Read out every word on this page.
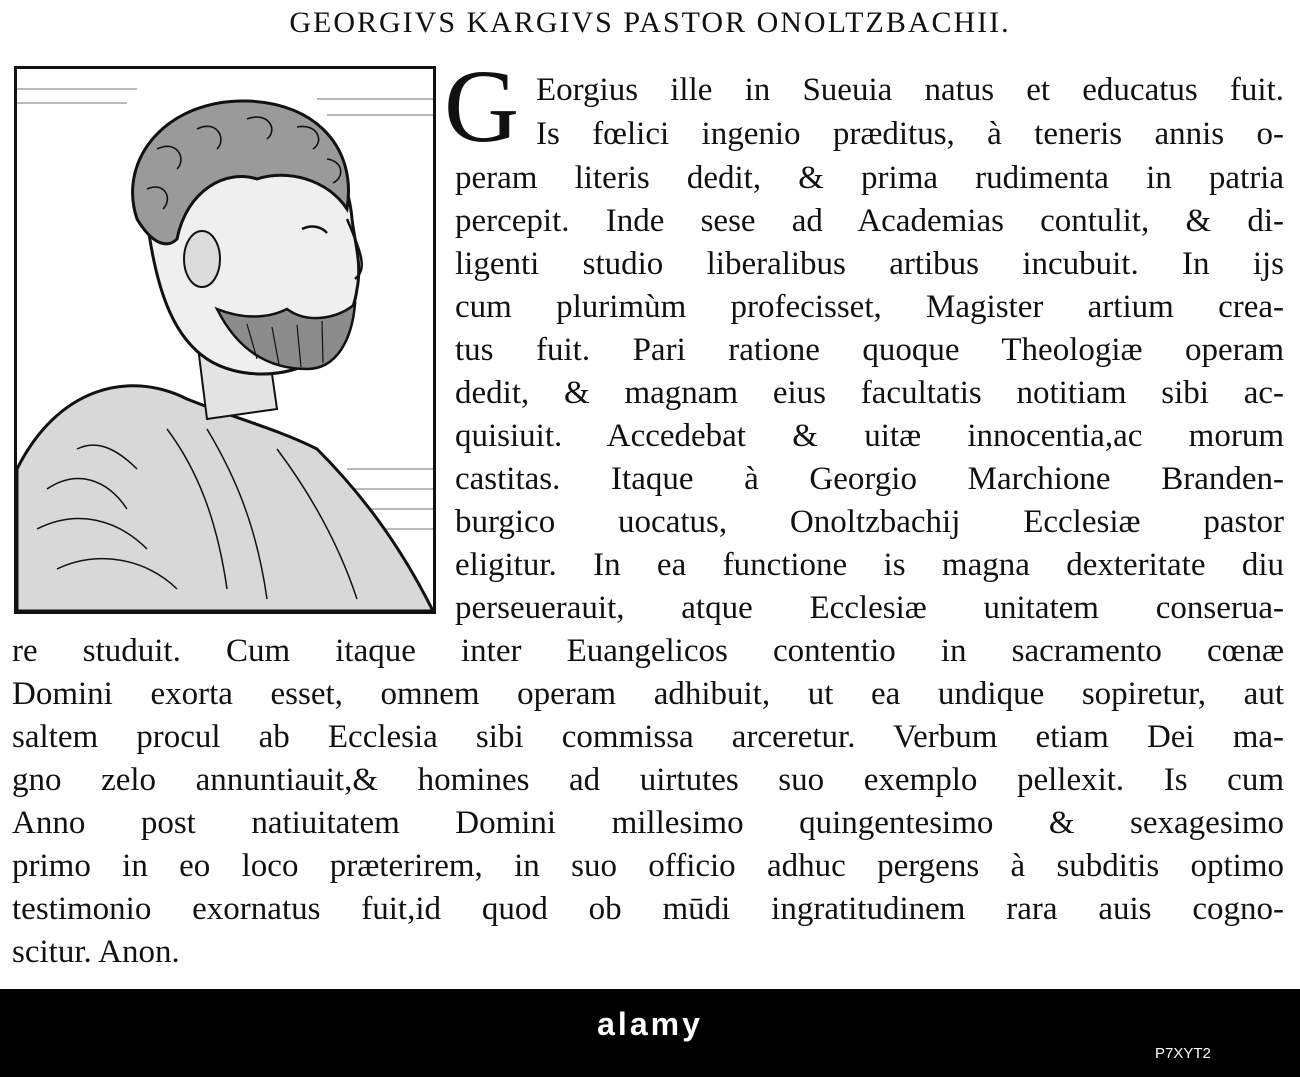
GEORGIVS KARGIVS PASTOR ONOLTZBACHII.
G Eorgius ille in Sueuia natus et educatus fuit.
Is fœlici ingenio præditus, à teneris annis o-
peram literis dedit, & prima rudimenta in patria
percepit. Inde sese ad Academias contulit, & di-
ligenti studio liberalibus artibus incubuit. In ijs
cum plurimùm profecisset, Magister artium crea-
tus fuit. Pari ratione quoque Theologiæ operam
dedit, & magnam eius facultatis notitiam sibi ac-
quisiuit. Accedebat & uitæ innocentia,ac morum
castitas. Itaque à Georgio Marchione Branden-
burgico uocatus, Onoltzbachij Ecclesiæ pastor
eligitur. In ea functione is magna dexteritate diu
perseuerauit, atque Ecclesiæ unitatem conserua-
re studuit. Cum itaque inter Euangelicos contentio in sacramento cœnæ
Domini exorta esset, omnem operam adhibuit, ut ea undique sopiretur, aut
saltem procul ab Ecclesia sibi commissa arceretur. Verbum etiam Dei ma-
gno zelo annuntiauit,& homines ad uirtutes suo exemplo pellexit. Is cum
Anno post natiuitatem Domini millesimo quingentesimo & sexagesimo
primo in eo loco præterirem, in suo officio adhuc pergens à subditis optimo
testimonio exornatus fuit,id quod ob mūdi ingratitudinem rara auis cogno-
scitur. Anon.
alamy
P7XYT2
